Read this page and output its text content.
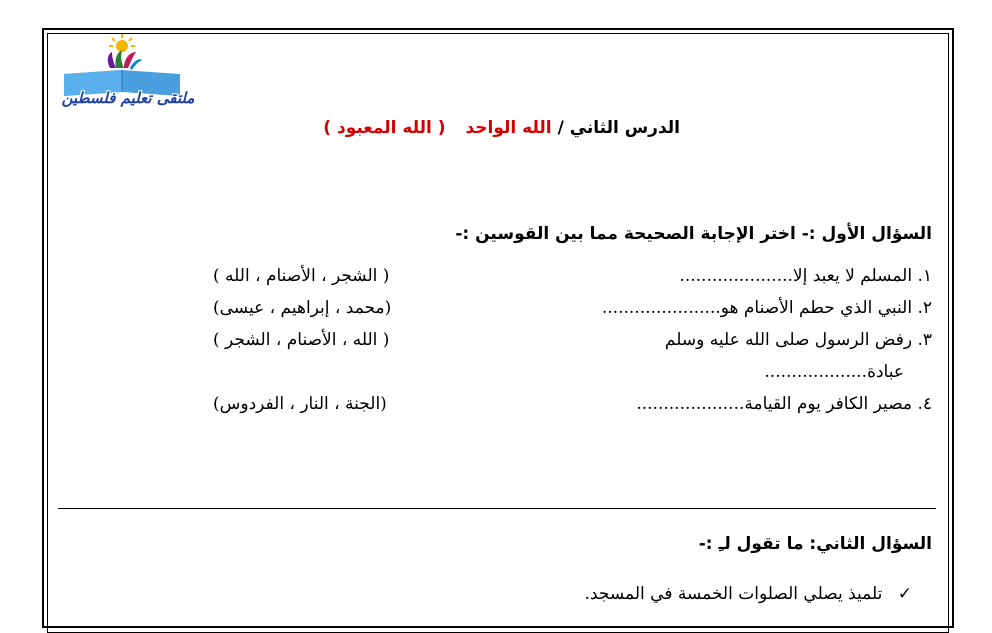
ملتقى تعليم فلسطين
الدرس الثاني / الله الواحد ( الله المعبود )
السؤال الأول :- اختر الإجابة الصحيحة مما بين القوسين :-
١. المسلم لا يعبد إلا.....................
( الشجر ، الأصنام ، الله )
٢. النبي الذي حطم الأصنام هو......................
(محمد ، إبراهيم ، عيسى)
٣. رفض الرسول صلى الله عليه وسلم
( الله ، الأصنام ، الشجر )
عبادة...................
٤. مصير الكافر يوم القيامة....................
(الجنة ، النار ، الفردوس)
السؤال الثاني: ما تقول لـِ :-
✓ تلميذ يصلي الصلوات الخمسة في المسجد.
